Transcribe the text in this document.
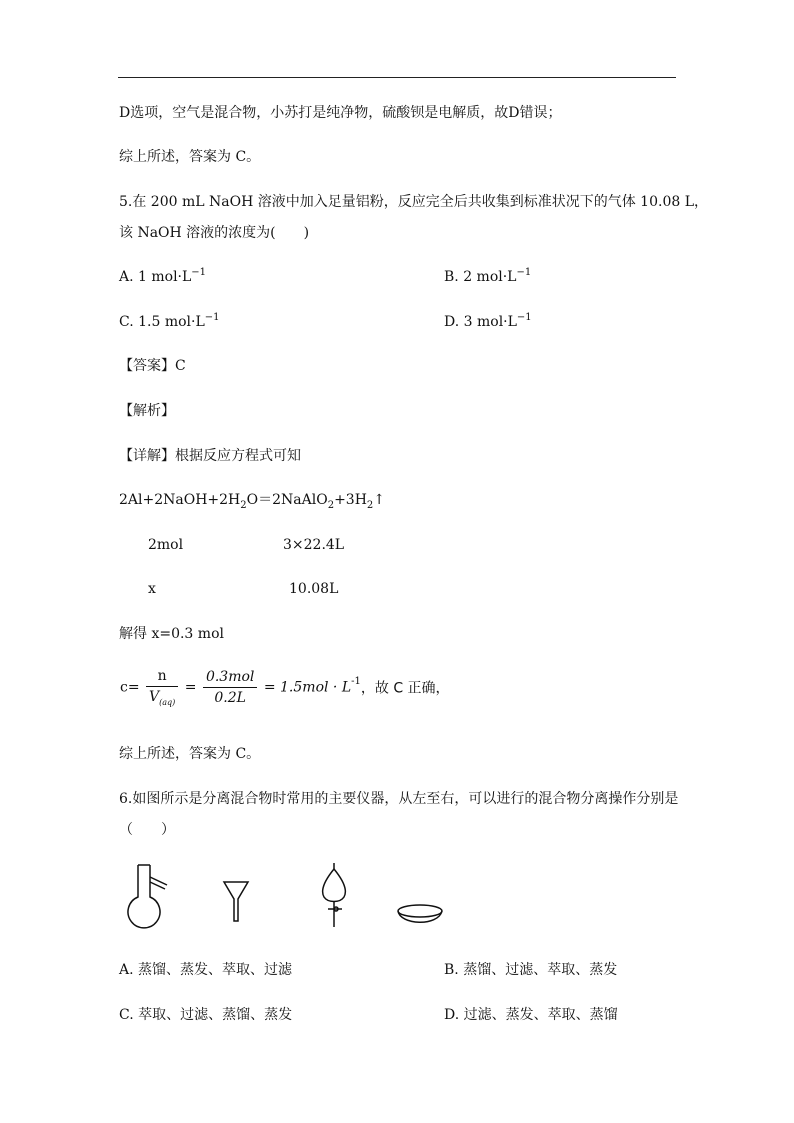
D选项，空气是混合物，小苏打是纯净物，硫酸钡是电解质，故D错误；
综上所述，答案为 C。
5.在 200 mL NaOH 溶液中加入足量铝粉，反应完全后共收集到标准状况下的气体 10.08 L，
该 NaOH 溶液的浓度为(　　)
A. 1 $mol\cdot L^{-1}$	B. 2 $mol\cdot L^{-1}$
C. 1.5 $mol\cdot L^{-1}$	D. 3 $mol\cdot L^{-1}$
【答案】C
【解析】
【详解】根据反应方程式可知
$2Al+2NaOH+2H_2O=2NaAlO_2+3H_2↑$
2mol	3×22.4L
x	10.08L
解得 x=0.3 mol
$c= \frac{n}{V_{(aq)}} = \frac{\text{0.3mol}}{0.2L} = 1.5mol \cdot L^{-1}$，故 C 正确，
综上所述，答案为 C。
6.如图所示是分离混合物时常用的主要仪器，从左至右，可以进行的混合物分离操作分别是
（　　）
A. 蒸馏、蒸发、萃取、过滤	B. 蒸馏、过滤、萃取、蒸发
C. 萃取、过滤、蒸馏、蒸发	D. 过滤、蒸发、萃取、蒸馏
